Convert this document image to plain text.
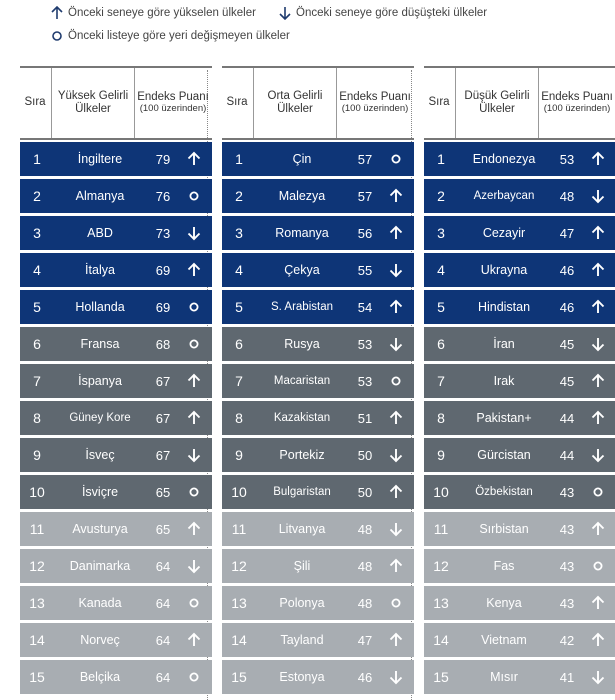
Önceki seneye göre yükselen ülkeler	Önceki seneye göre düşüşteki ülkeler
Önceki listeye göre yeri değişmeyen ülkeler
Sıra
Yüksek Gelirli Ülkeler
Endeks Puanı
(100 üzerinden)
1	İngiltere	79
2	Almanya	76
3	ABD	73
4	İtalya	69
5	Hollanda	69
6	Fransa	68
7	İspanya	67
8	Güney Kore	67
9	İsveç	67
10	İsviçre	65
11	Avusturya	65
12	Danimarka	64
13	Kanada	64
14	Norveç	64
15	Belçika	64
Sıra
Orta Gelirli Ülkeler
Endeks Puanı
(100 üzerinden)
1	Çin	57
2	Malezya	57
3	Romanya	56
4	Çekya	55
5	S. Arabistan	54
6	Rusya	53
7	Macaristan	53
8	Kazakistan	51
9	Portekiz	50
10	Bulgaristan	50
11	Litvanya	48
12	Şili	48
13	Polonya	48
14	Tayland	47
15	Estonya	46
Sıra
Düşük Gelirli Ülkeler
Endeks Puanı
(100 üzerinden)
1	Endonezya	53
2	Azerbaycan	48
3	Cezayir	47
4	Ukrayna	46
5	Hindistan	46
6	İran	45
7	Irak	45
8	Pakistan+	44
9	Gürcistan	44
10	Özbekistan	43
11	Sırbistan	43
12	Fas	43
13	Kenya	43
14	Vietnam	42
15	Mısır	41
